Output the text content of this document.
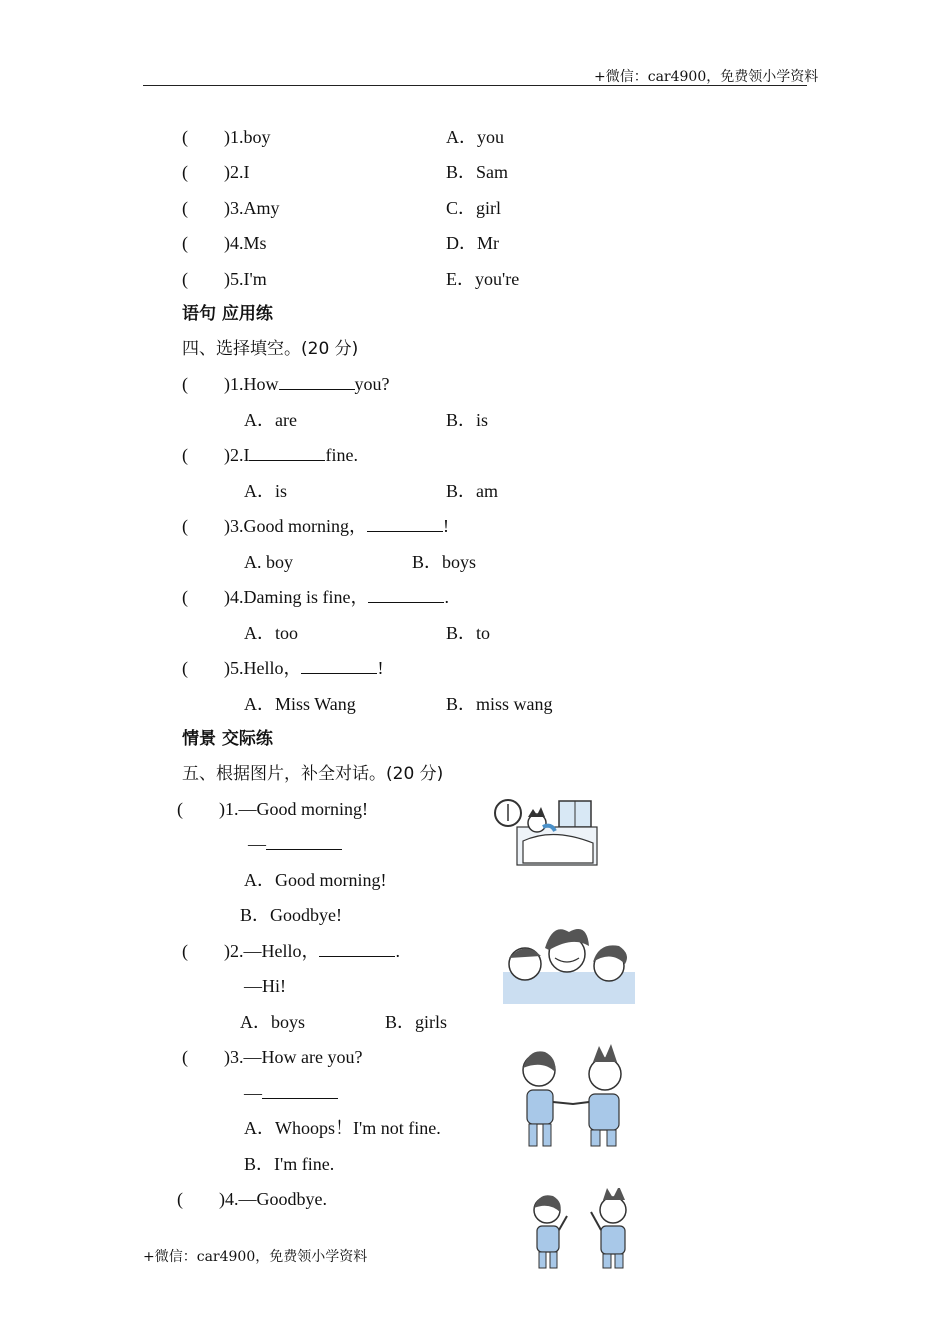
+微信：car4900，免费领小学资料
(　　)1.boy	A．you
(　　)2.I	B．Sam
(　　)3.Amy	C．girl
(　　)4.Ms	D．Mr
(　　)5.I'm	E．you're
语句 应用练
四、选择填空。(20 分)
(　　)1.How	you?
A．are	B．is
(　　)2.I	fine.
A．is	B．am
(　　)3.Good morning，	!
A. boy	B．boys
(　　)4.Daming is fine，	.
A．too	B．to
(　　)5.Hello，	!
A．Miss Wang	B．miss wang
情景 交际练
五、根据图片，补全对话。(20 分)
(　　)1.—Good morning!
—
A．Good morning!
B．Goodbye!
(　　)2.—Hello，	.
—Hi!
A．boys	B．girls
(　　)3.—How are you?
—
A．Whoops！I'm not fine.
B．I'm fine.
(　　)4.—Goodbye.
+微信：car4900，免费领小学资料
